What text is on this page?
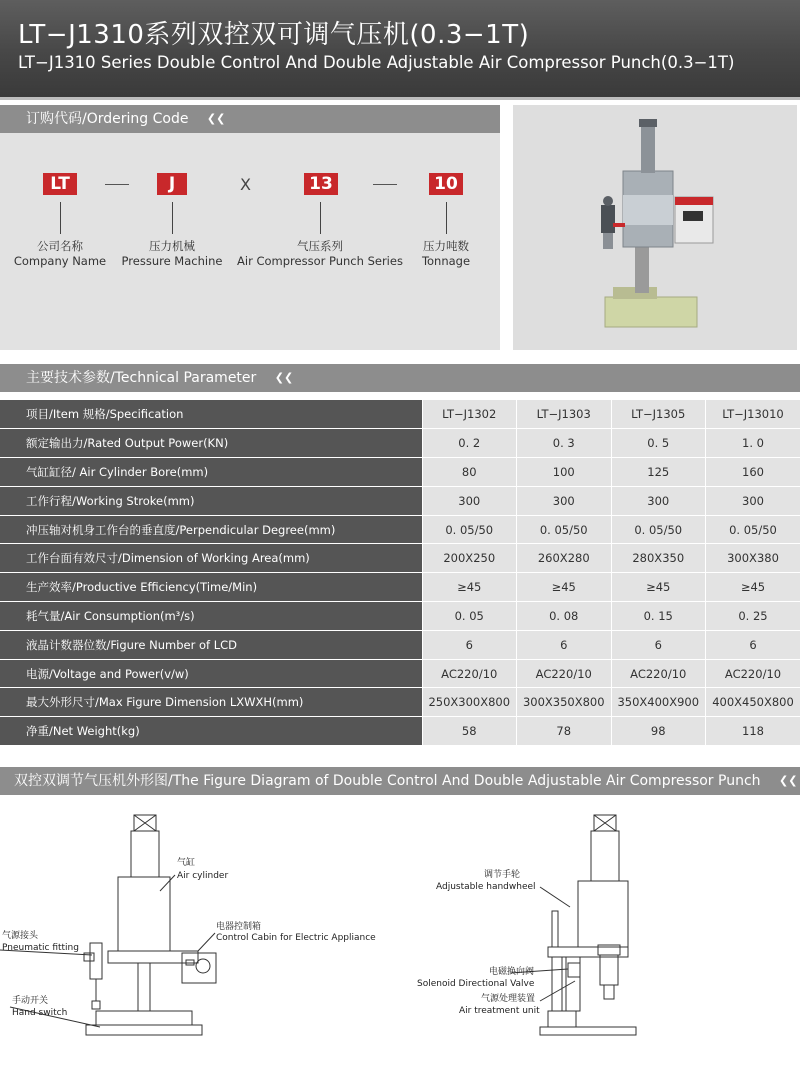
LT−J1310系列双控双可调气压机(0.3−1T)
LT−J1310 Series Double Control And Double Adjustable Air Compressor Punch(0.3−1T)
订购代码/Ordering Code ❮❮
LT	J	X	13	10
公司名称
Company Name
压力机械
Pressure Machine
气压系列
Air Compressor Punch Series
压力吨数
Tonnage
主要技术参数/Technical Parameter ❮❮
项目/Item 规格/Specification	LT−J1302	LT−J1303	LT−J1305	LT−J13010
额定输出力/Rated Output Power(KN)	0. 2	0. 3	0. 5	1. 0
气缸缸径/ Air Cylinder Bore(mm)	80	100	125	160
工作行程/Working Stroke(mm)	300	300	300	300
冲压轴对机身工作台的垂直度/Perpendicular Degree(mm)	0. 05/50	0. 05/50	0. 05/50	0. 05/50
工作台面有效尺寸/Dimension of Working Area(mm)	200X250	260X280	280X350	300X380
生产效率/Productive Efficiency(Time/Min)	≥45	≥45	≥45	≥45
耗气量/Air Consumption(m³/s)	0. 05	0. 08	0. 15	0. 25
液晶计数器位数/Figure Number of LCD	6	6	6	6
电源/Voltage and Power(v/w)	AC220/10	AC220/10	AC220/10	AC220/10
最大外形尺寸/Max Figure Dimension LXWXH(mm)	250X300X800	300X350X800	350X400X900	400X450X800
净重/Net Weight(kg)	58	78	98	118
双控双调节气压机外形图/The Figure Diagram of Double Control And Double Adjustable Air Compressor Punch ❮❮
气缸
Air cylinder
气源接头
Pneumatic fitting
电器控制箱
Control Cabin for Electric Appliance
手动开关
Hand switch
调节手轮
Adjustable handwheel
电磁换向阀
Solenoid Directional Valve
气源处理装置
Air treatment unit
